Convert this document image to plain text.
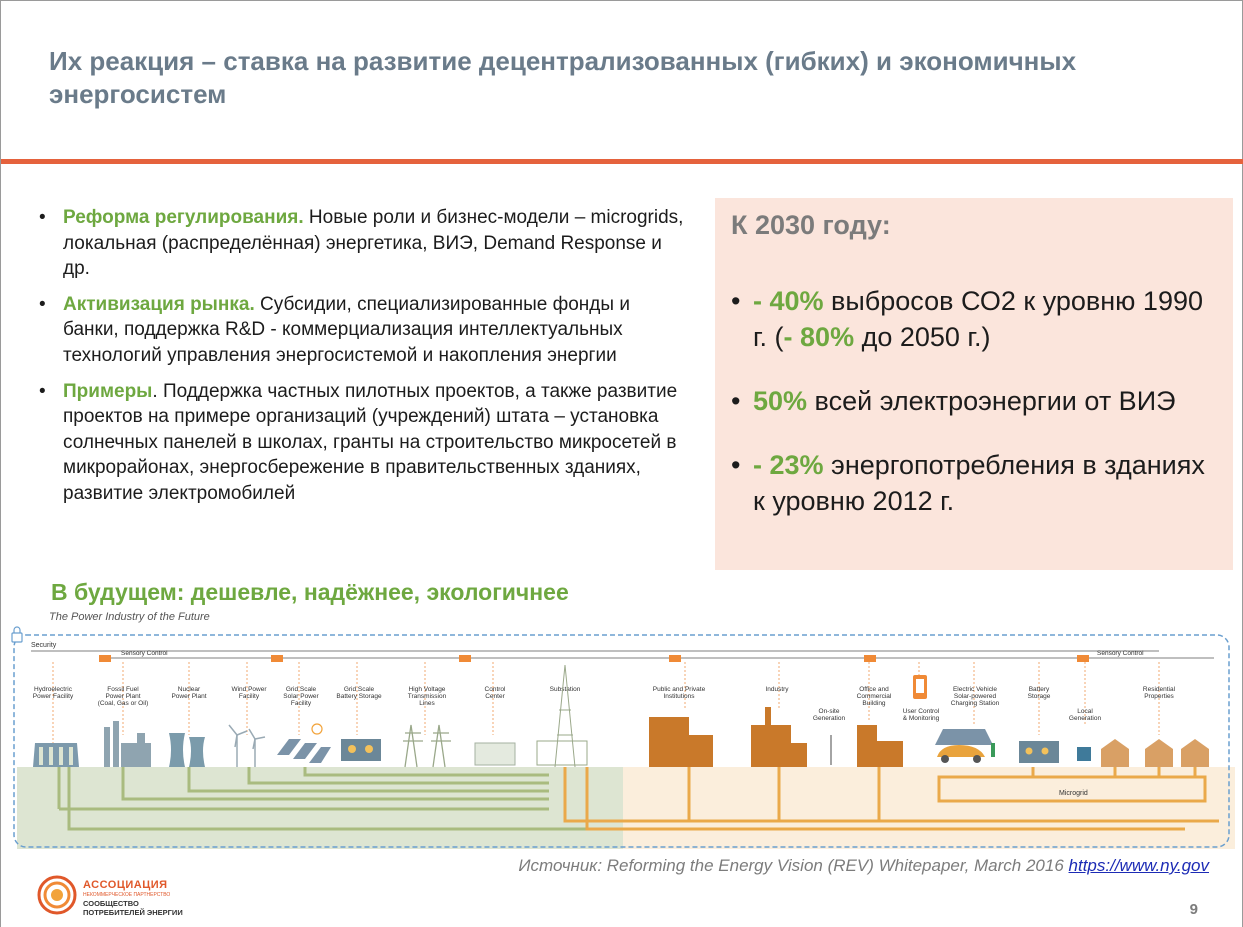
Их реакция – ставка на развитие децентрализованных (гибких) и экономичных энергосистем
• Реформа регулирования. Новые роли и бизнес-модели – microgrids, локальная (распределённая) энергетика, ВИЭ, Demand Response и др.
• Активизация рынка. Субсидии, специализированные фонды и банки, поддержка R&D - коммерциализация интеллектуальных технологий управления энергосистемой и накопления энергии
• Примеры. Поддержка частных пилотных проектов, а также развитие проектов на примере организаций (учреждений) штата – установка солнечных панелей в школах, гранты на строительство микросетей в микрорайонах, энергосбережение в правительственных зданиях, развитие электромобилей
К 2030 году:
• - 40% выбросов СО2 к уровню 1990 г. (- 80% до 2050 г.)
• 50% всей электроэнергии от ВИЭ
• - 23% энергопотребления в зданиях к уровню 2012 г.
В будущем: дешевле, надёжнее, экологичнее
The Power Industry of the Future
Security
Sensory Control	Sensory Control
Hydroelectric Power Facility
Fossil Fuel Power Plant (Coal, Gas or Oil)
Nuclear Power Plant
Wind Power Facility
Grid Scale Solar Power Facility
Grid Scale Battery Storage
High Voltage Transmission Lines
Control Center
Substation	Public and Private Institutions
Industry
On-site Generation
Office and Commercial Building
User Control & Monitoring
Electric Vehicle Solar-powered Charging Station
Battery Storage
Local Generation
Residential Properties
Microgrid
Источник: Reforming the Energy Vision (REV) Whitepaper, March 2016 https://www.ny.gov
АССОЦИАЦИЯ
НЕКОММЕРЧЕСКОЕ ПАРТНЕРСТВО
СООБЩЕСТВО
ПОТРЕБИТЕЛЕЙ ЭНЕРГИИ	9
